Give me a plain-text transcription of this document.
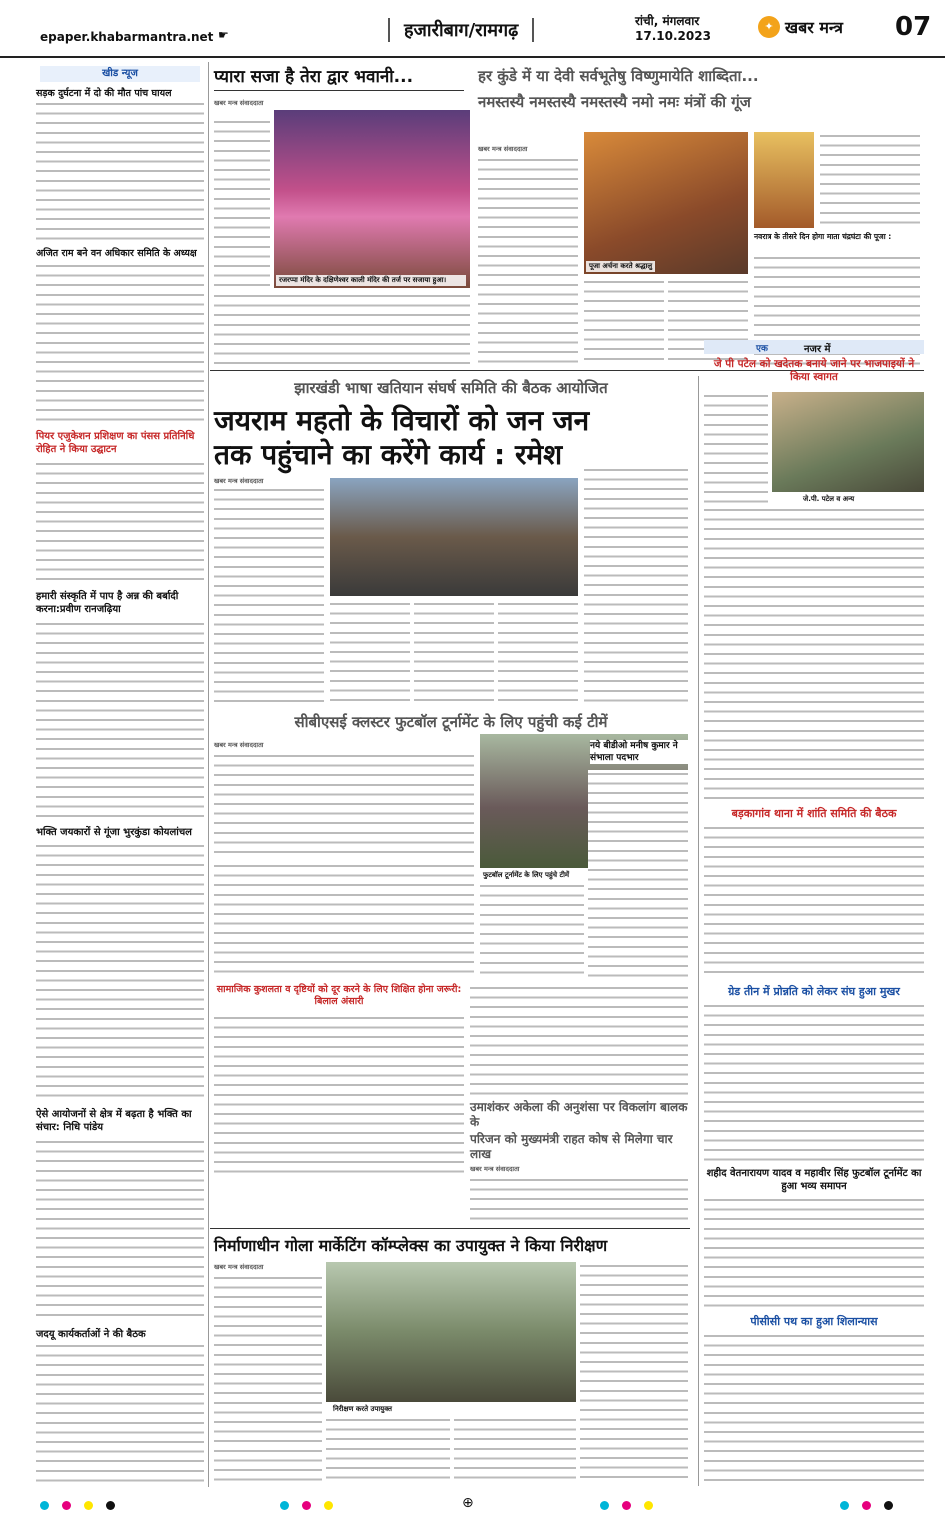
epaper.khabarmantra.net ☛	हजारीबाग/रामगढ़	रांची, मंगलवार
17.10.2023
✦ खबर मन्त्र 07
खीड न्यूज
सड़क दुर्घटना में दो की मौत पांच घायल
अजित राम बने वन अधिकार समिति के अध्यक्ष
पियर एजुकेशन प्रशिक्षण का पंसस प्रतिनिधि रोहित ने किया उद्घाटन
हमारी संस्कृति में पाप है अन्न की बर्बादी करना:प्रवीण रानजढ़िया
भक्ति जयकारों से गूंजा भुरकुंडा कोयलांचल
ऐसे आयोजनों से क्षेत्र में बढ़ता है भक्ति का संचार: निधि पांडेय
जदयू कार्यकर्ताओं ने की बैठक
प्यारा सजा है तेरा द्वार भवानी...
खबर मन्त्र संवाददाता
रजरप्पा मंदिर के दक्षिणेश्वर काली मंदिर की तर्ज पर सजाया हुआ।
हर कुंडे में या देवी सर्वभूतेषु विष्णुमायेति शाब्दिता...
नमस्तस्यै नमस्तस्यै नमस्तस्यै नमो नमः मंत्रों की गूंज
खबर मन्त्र संवाददाता
पूजा अर्चना करते श्रद्धालु
नवरात्र के तीसरे दिन होगा माता चंद्रघंटा की पूजा :
झारखंडी भाषा खतियान संघर्ष समिति की बैठक आयोजित
जयराम महतो के विचारों को जन जन
तक पहुंचाने का करेंगे कार्य : रमेश
खबर मन्त्र संवाददाता
एक	नजर में
जे पी पटेल को खदेतक बनाये जाने पर भाजपाइयों ने किया स्वागत
जे.पी. पटेल व अन्य
सीबीएसई क्लस्टर फुटबॉल टूर्नामेंट के लिए पहुंची कई टीमें
खबर मन्त्र संवाददाता
फुटबॉल टूर्नामेंट के लिए पहुंचे टीमें
नये बीडीओ मनीष कुमार ने संभाला पदभार
बड़कागांव थाना में शांति समिति की बैठक
सामाजिक कुशलता व दृष्टियों को दूर करने के लिए शिक्षित होना जरूरी: बिलाल अंसारी
ग्रेड तीन में प्रोन्नति को लेकर संघ हुआ मुखर
उमाशंकर अकेला की अनुशंसा पर विकलांग बालक के
परिजन को मुख्यमंत्री राहत कोष से मिलेगा चार लाख
खबर मन्त्र संवाददाता	शहीद वेतनारायण यादव व महावीर सिंह फुटबॉल टूर्नामेंट का हुआ भव्य समापन
निर्माणाधीन गोला मार्केटिंग कॉम्प्लेक्स का उपायुक्त ने किया निरीक्षण
खबर मन्त्र संवाददाता
निरीक्षण करते उपायुक्त
पीसीसी पथ का हुआ शिलान्यास
⊕
